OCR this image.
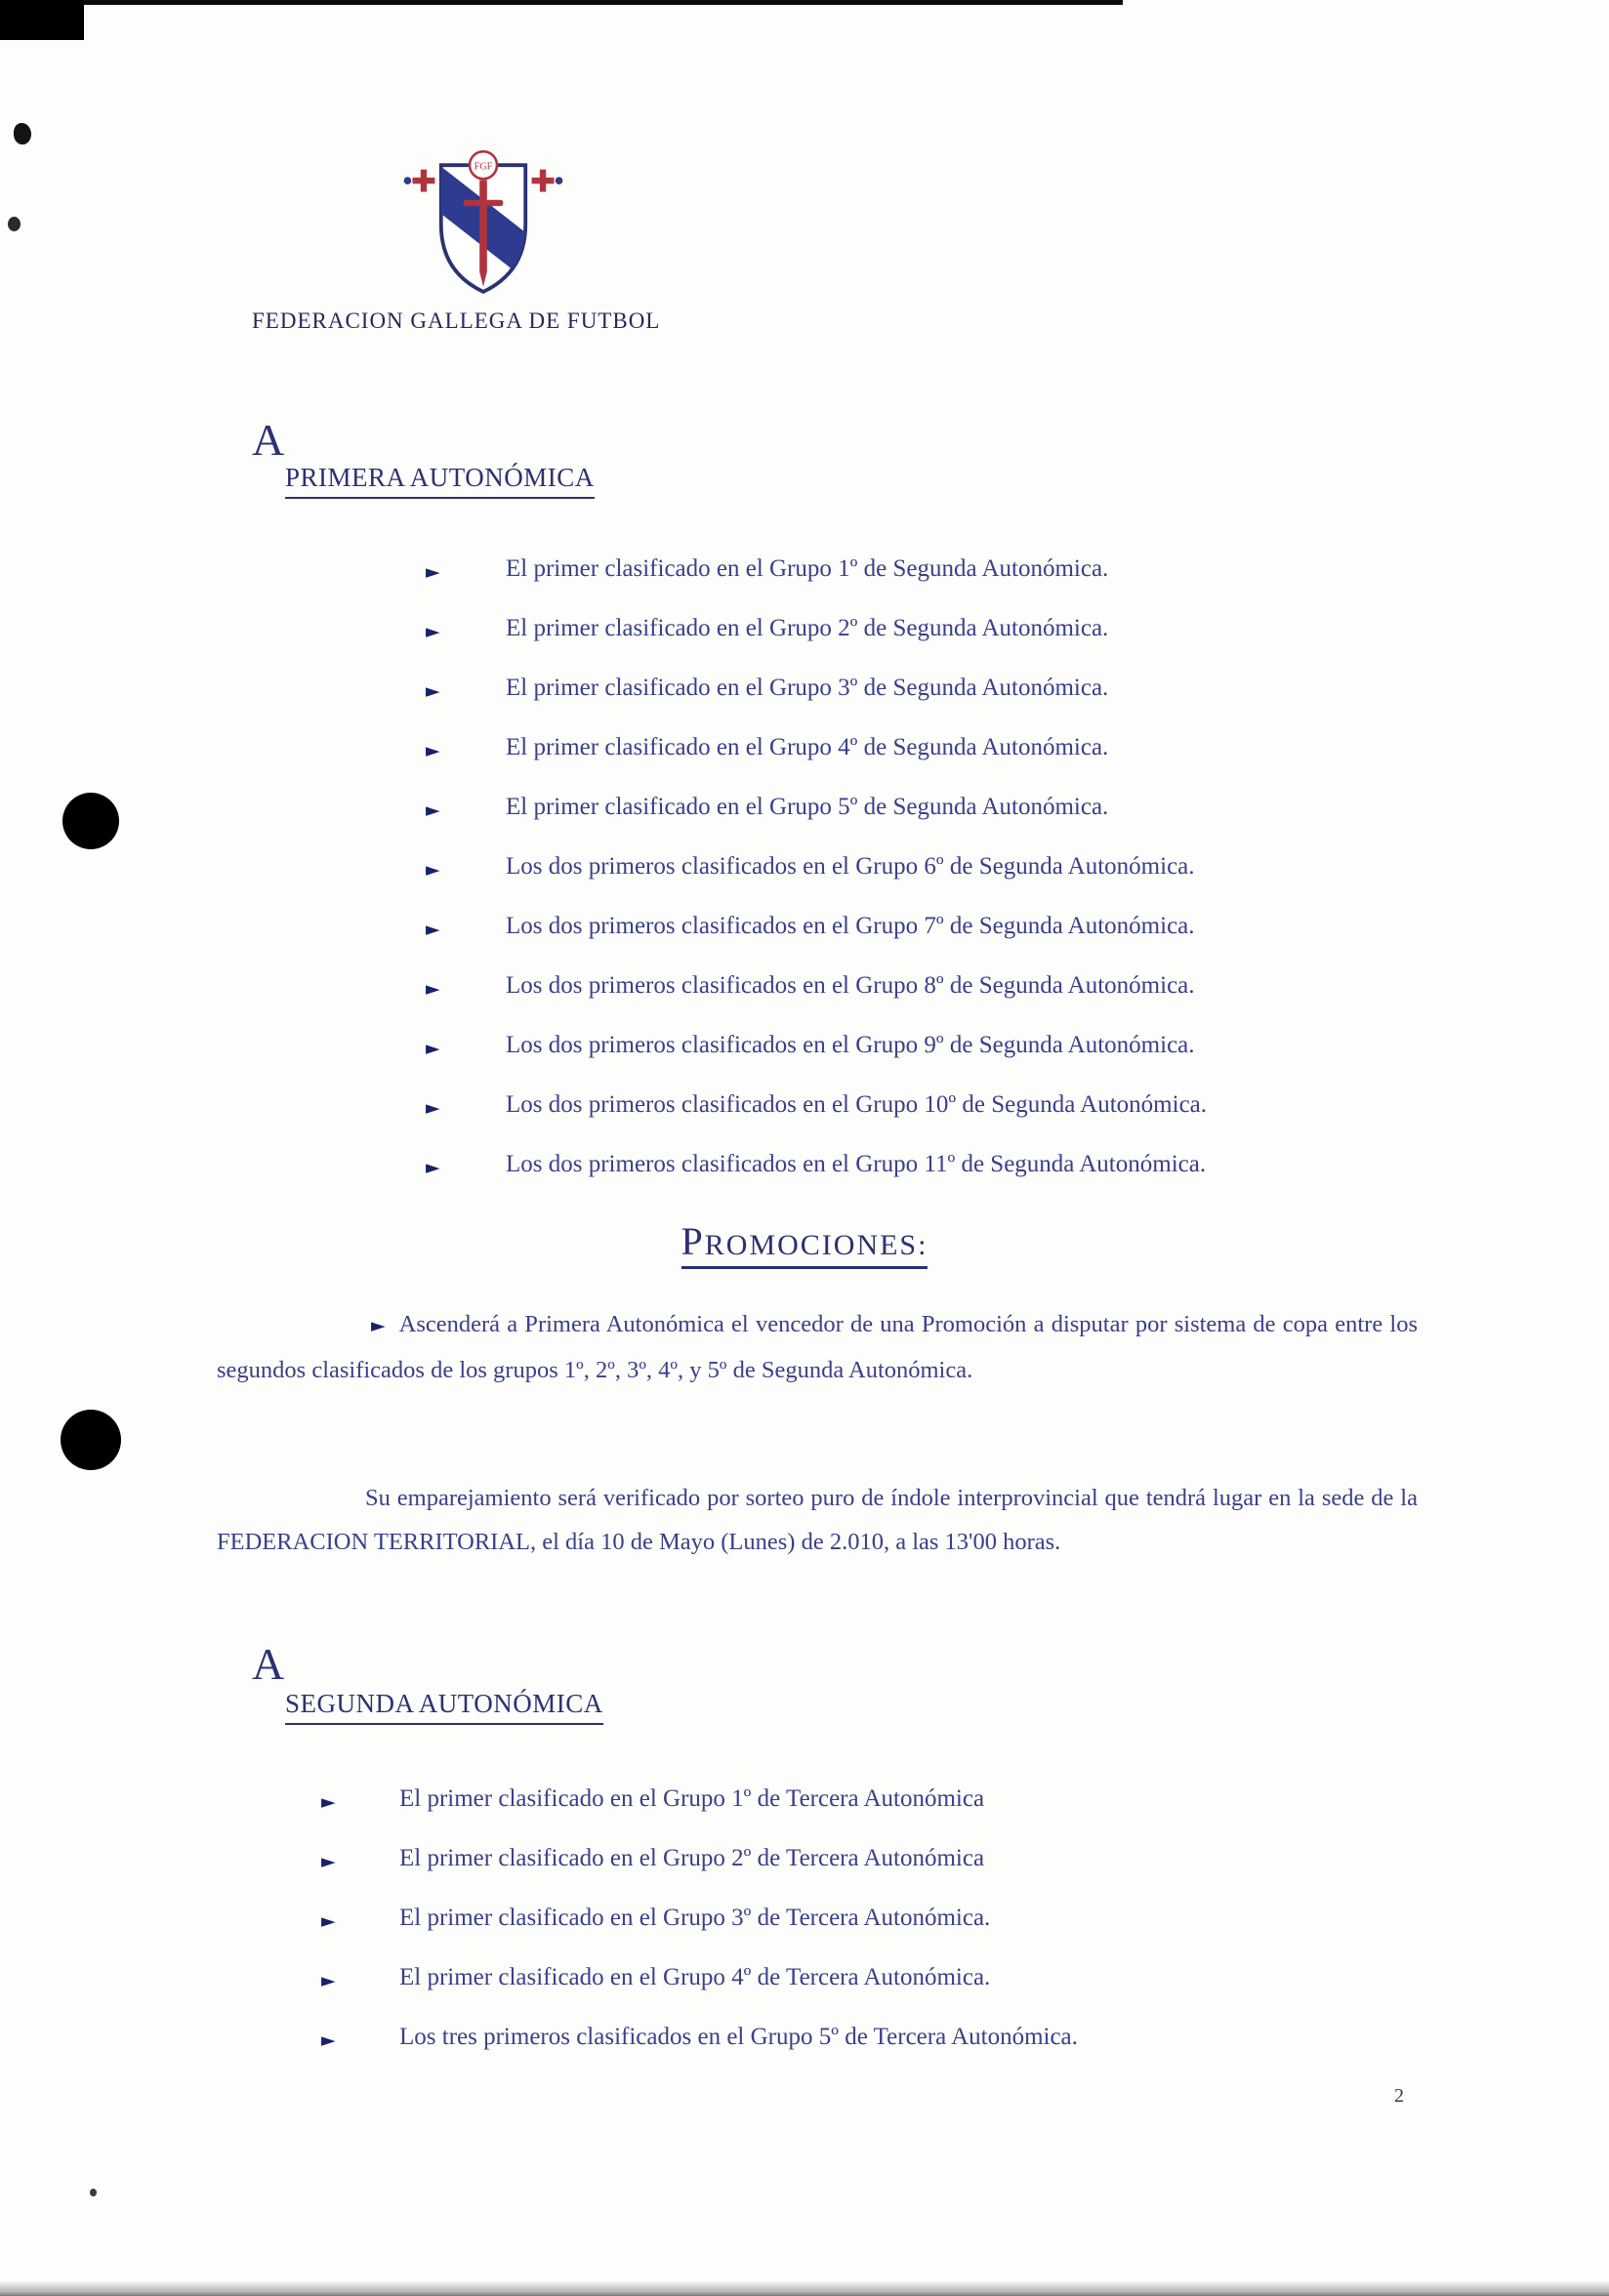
FGF
FEDERACION GALLEGA DE FUTBOL
A
PRIMERA AUTONÓMICA
►	El primer clasificado en el Grupo 1º de Segunda Autonómica.
►	El primer clasificado en el Grupo 2º de Segunda Autonómica.
►	El primer clasificado en el Grupo 3º de Segunda Autonómica.
►	El primer clasificado en el Grupo 4º de Segunda Autonómica.
►	El primer clasificado en el Grupo 5º de Segunda Autonómica.
►	Los dos primeros clasificados en el Grupo 6º de Segunda Autonómica.
►	Los dos primeros clasificados en el Grupo 7º de Segunda Autonómica.
►	Los dos primeros clasificados en el Grupo 8º de Segunda Autonómica.
►	Los dos primeros clasificados en el Grupo 9º de Segunda Autonómica.
►	Los dos primeros clasificados en el Grupo 10º de Segunda Autonómica.
►	Los dos primeros clasificados en el Grupo 11º de Segunda Autonómica.
PROMOCIONES:

► Ascenderá a Primera Autonómica el vencedor de una Promoción a disputar por sistema de copa entre los segundos clasificados de los grupos 1º, 2º, 3º, 4º, y 5º de Segunda Autonómica.

Su emparejamiento será verificado por sorteo puro de índole interprovincial que tendrá lugar en la sede de la FEDERACION TERRITORIAL, el día 10 de Mayo (Lunes) de 2.010, a las 13'00 horas.

A
SEGUNDA AUTONÓMICA
►	El primer clasificado en el Grupo 1º de Tercera Autonómica
►	El primer clasificado en el Grupo 2º de Tercera Autonómica
►	El primer clasificado en el Grupo 3º de Tercera Autonómica.
►	El primer clasificado en el Grupo 4º de Tercera Autonómica.
►	Los tres primeros clasificados en el Grupo 5º de Tercera Autonómica.
2
